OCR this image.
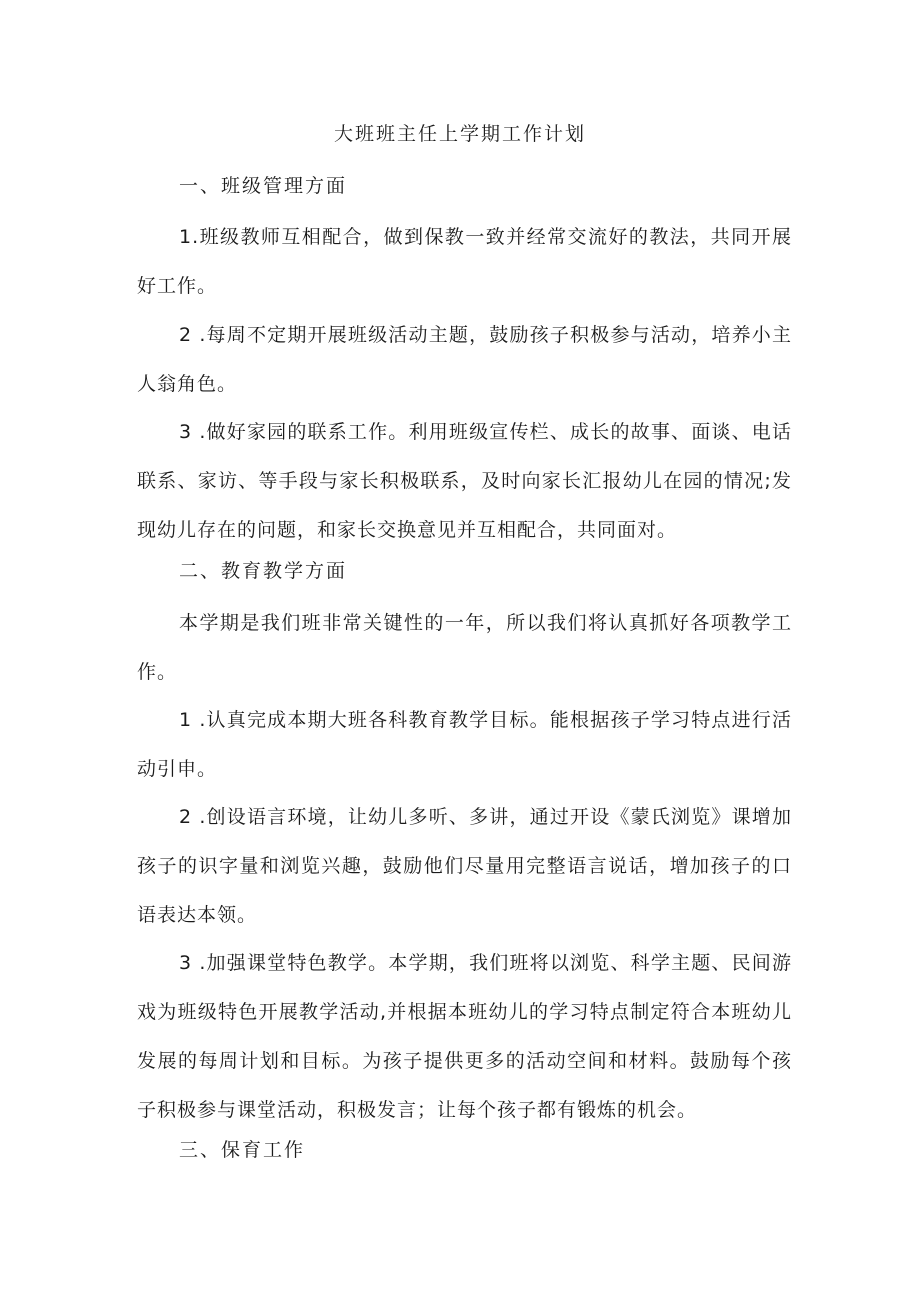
大班班主任上学期工作计划

一、班级管理方面

1.班级教师互相配合，做到保教一致并经常交流好的教法，共同开展好工作。

2 .每周不定期开展班级活动主题，鼓励孩子积极参与活动，培养小主人翁角色。

3 .做好家园的联系工作。利用班级宣传栏、成长的故事、面谈、电话联系、家访、等手段与家长积极联系，及时向家长汇报幼儿在园的情况;发现幼儿存在的问题，和家长交换意见并互相配合，共同面对。

二、教育教学方面

本学期是我们班非常关键性的一年，所以我们将认真抓好各项教学工作。

1 .认真完成本期大班各科教育教学目标。能根据孩子学习特点进行活动引申。

2 .创设语言环境，让幼儿多听、多讲，通过开设《蒙氏浏览》课增加孩子的识字量和浏览兴趣，鼓励他们尽量用完整语言说话，增加孩子的口语表达本领。

3 .加强课堂特色教学。本学期，我们班将以浏览、科学主题、民间游戏为班级特色开展教学活动,并根据本班幼儿的学习特点制定符合本班幼儿发展的每周计划和目标。为孩子提供更多的活动空间和材料。鼓励每个孩子积极参与课堂活动，积极发言；让每个孩子都有锻炼的机会。

三、保育工作
